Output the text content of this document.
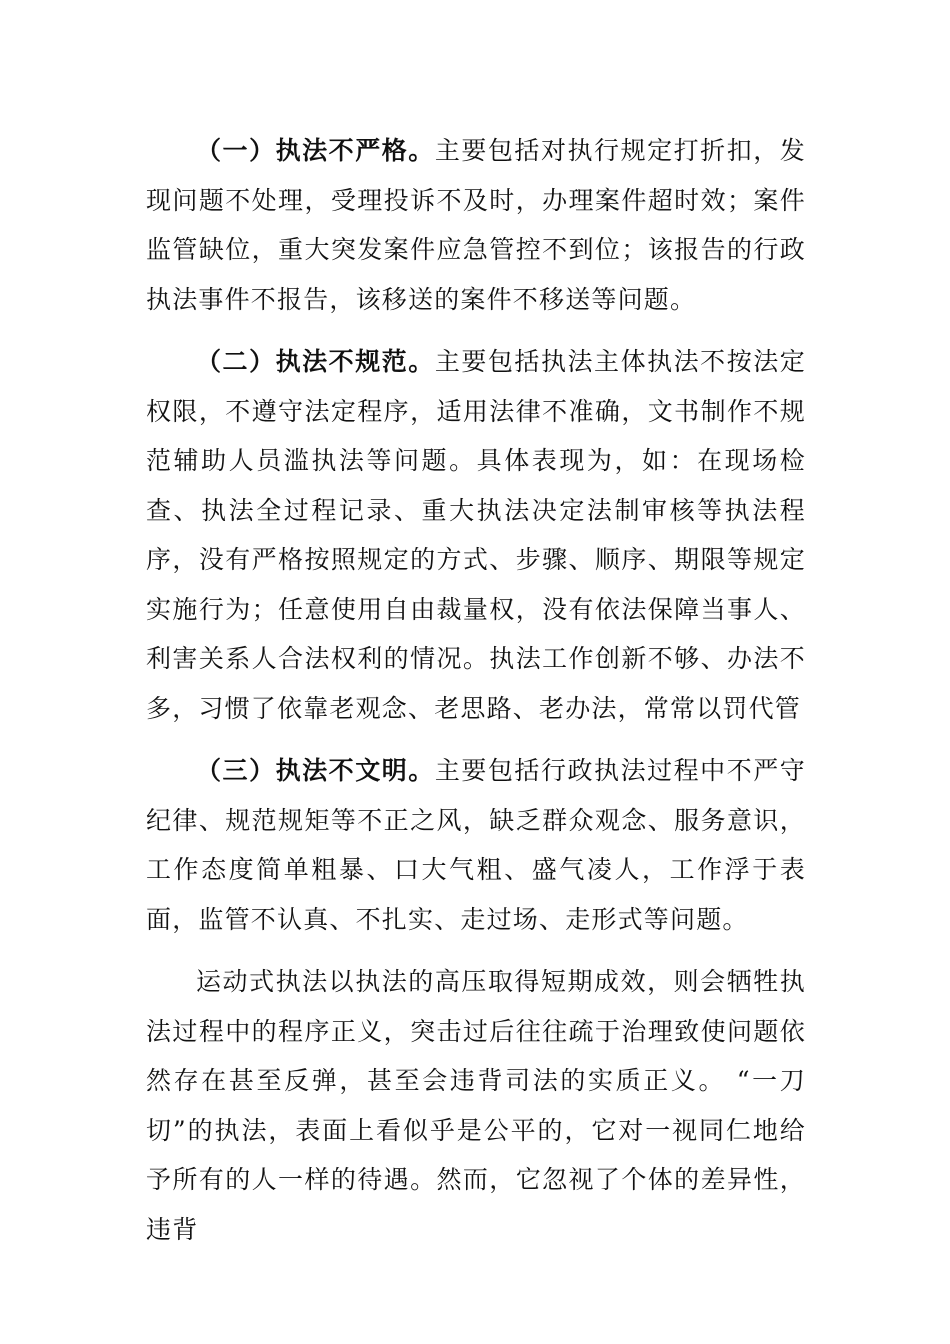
（一）执法不严格。主要包括对执行规定打折扣，发现问题不处理，受理投诉不及时，办理案件超时效；案件监管缺位，重大突发案件应急管控不到位；该报告的行政执法事件不报告，该移送的案件不移送等问题。

（二）执法不规范。主要包括执法主体执法不按法定权限，不遵守法定程序，适用法律不准确，文书制作不规范辅助人员滥执法等问题。具体表现为，如：在现场检查、执法全过程记录、重大执法决定法制审核等执法程序，没有严格按照规定的方式、步骤、顺序、期限等规定实施行为；任意使用自由裁量权，没有依法保障当事人、利害关系人合法权利的情况。执法工作创新不够、办法不多，习惯了依靠老观念、老思路、老办法，常常以罚代管

（三）执法不文明。主要包括行政执法过程中不严守纪律、规范规矩等不正之风，缺乏群众观念、服务意识，工作态度简单粗暴、口大气粗、盛气凌人，工作浮于表面，监管不认真、不扎实、走过场、走形式等问题。

运动式执法以执法的高压取得短期成效，则会牺牲执法过程中的程序正义，突击过后往往疏于治理致使问题依然存在甚至反弹，甚至会违背司法的实质正义。 “一刀切”的执法，表面上看似乎是公平的，它对一视同仁地给予所有的人一样的待遇。然而，它忽视了个体的差异性，违背
